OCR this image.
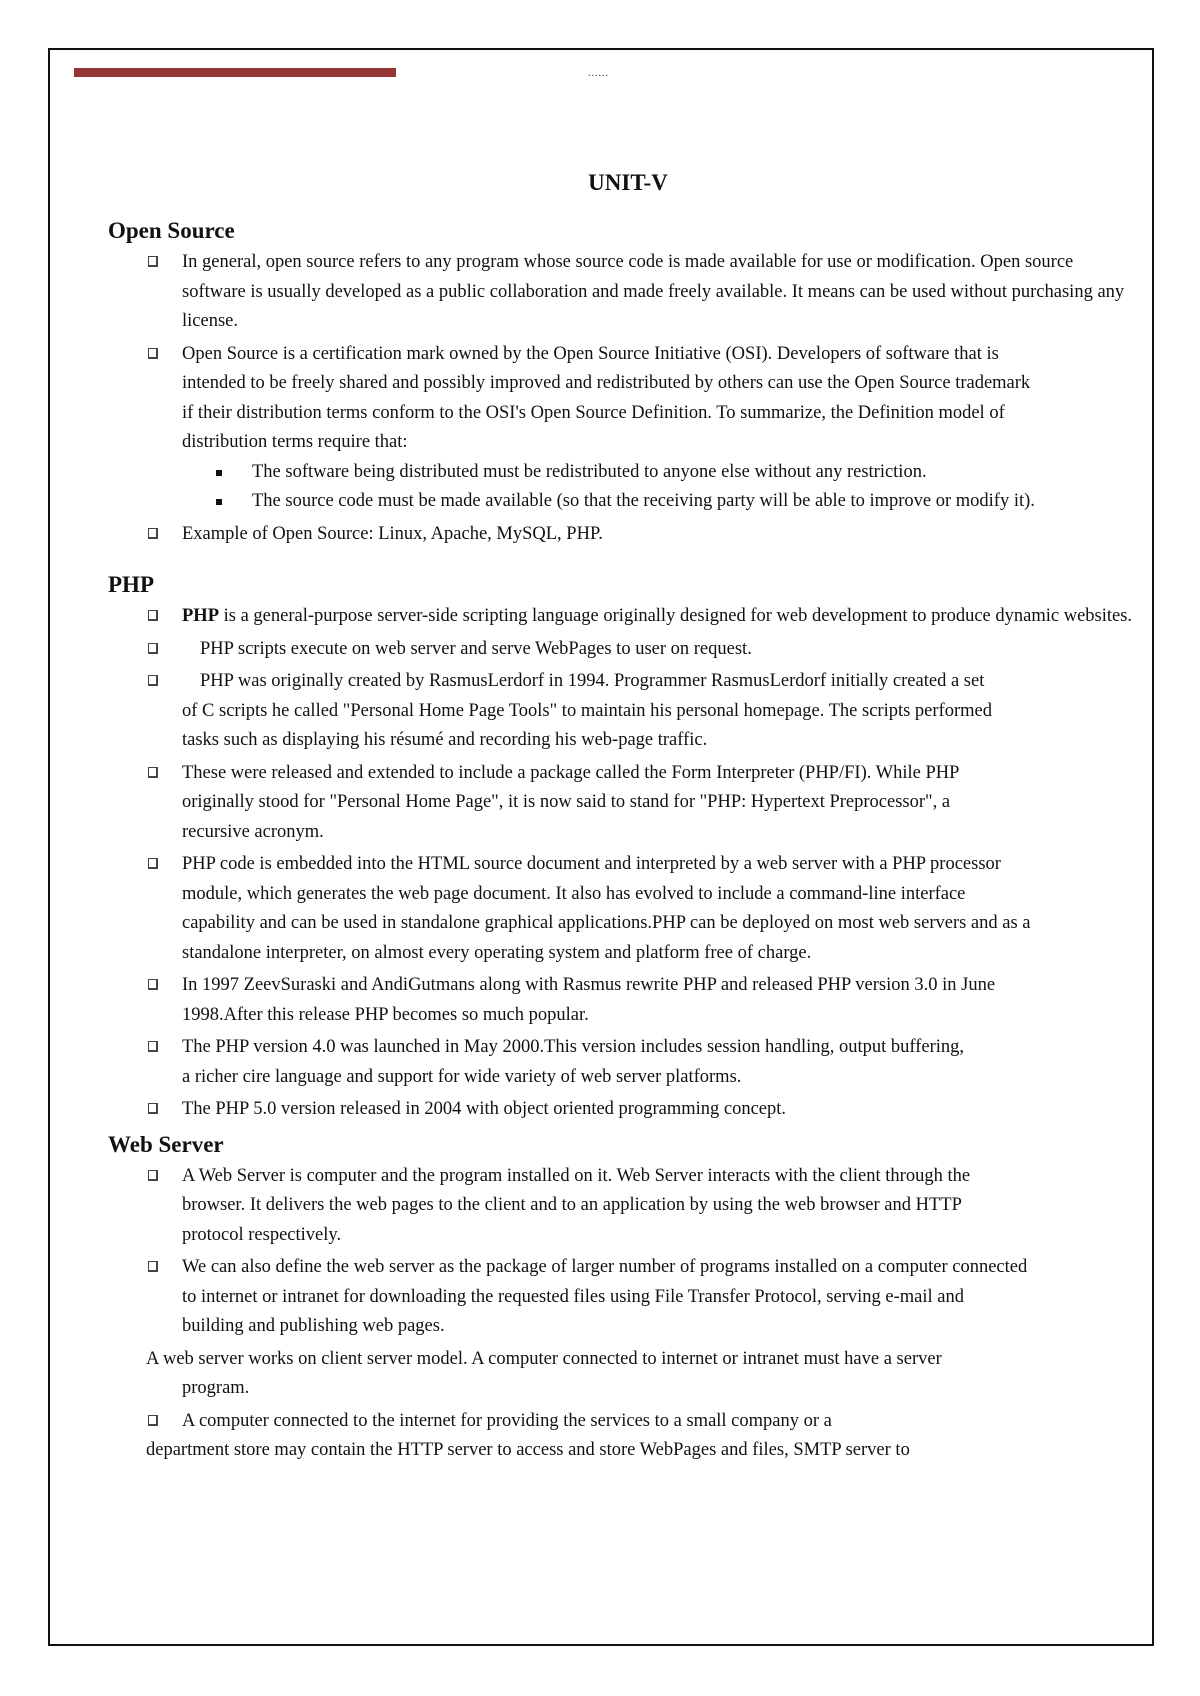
......
UNIT-V
Open Source
In general, open source refers to any program whose source code is made available for use or modification. Open source software is usually developed as a public collaboration and made freely available. It means can be used without purchasing any license.
Open Source is a certification mark owned by the Open Source Initiative (OSI). Developers of software that is intended to be freely shared and possibly improved and redistributed by others can use the Open Source trademark if their distribution terms conform to the OSI's Open Source Definition. To summarize, the Definition model of distribution terms require that:
The software being distributed must be redistributed to anyone else without any restriction.
The source code must be made available (so that the receiving party will be able to improve or modify it).
Example of Open Source: Linux, Apache, MySQL, PHP.
PHP
PHP is a general-purpose server-side scripting language originally designed for web development to produce dynamic websites.
PHP scripts execute on web server and serve WebPages to user on request.
PHP was originally created by RasmusLerdorf in 1994. Programmer RasmusLerdorf initially created a set of C scripts he called "Personal Home Page Tools" to maintain his personal homepage. The scripts performed tasks such as displaying his résumé and recording his web-page traffic.
These were released and extended to include a package called the Form Interpreter (PHP/FI). While PHP originally stood for "Personal Home Page", it is now said to stand for "PHP: Hypertext Preprocessor", a recursive acronym.
PHP code is embedded into the HTML source document and interpreted by a web server with a PHP processor module, which generates the web page document. It also has evolved to include a command-line interface capability and can be used in standalone graphical applications.PHP can be deployed on most web servers and as a standalone interpreter, on almost every operating system and platform free of charge.
In 1997 ZeevSuraski and AndiGutmans along with Rasmus rewrite PHP and released PHP version 3.0 in June 1998.After this release PHP becomes so much popular.
The PHP version 4.0 was launched in May 2000.This version includes session handling, output buffering, a richer cire language and support for wide variety of web server platforms.
The PHP 5.0 version released in 2004 with object oriented programming concept.
Web Server
A Web Server is computer and the program installed on it. Web Server interacts with the client through the browser. It delivers the web pages to the client and to an application by using the web browser and HTTP protocol respectively.
We can also define the web server as the package of larger number of programs installed on a computer connected to internet or intranet for downloading the requested files using File Transfer Protocol, serving e-mail and building and publishing web pages.

A web server works on client server model. A computer connected to internet or intranet must have a server
program.

A computer connected to the internet for providing the services to a small company or a

department store may contain the HTTP server to access and store WebPages and files, SMTP server to
